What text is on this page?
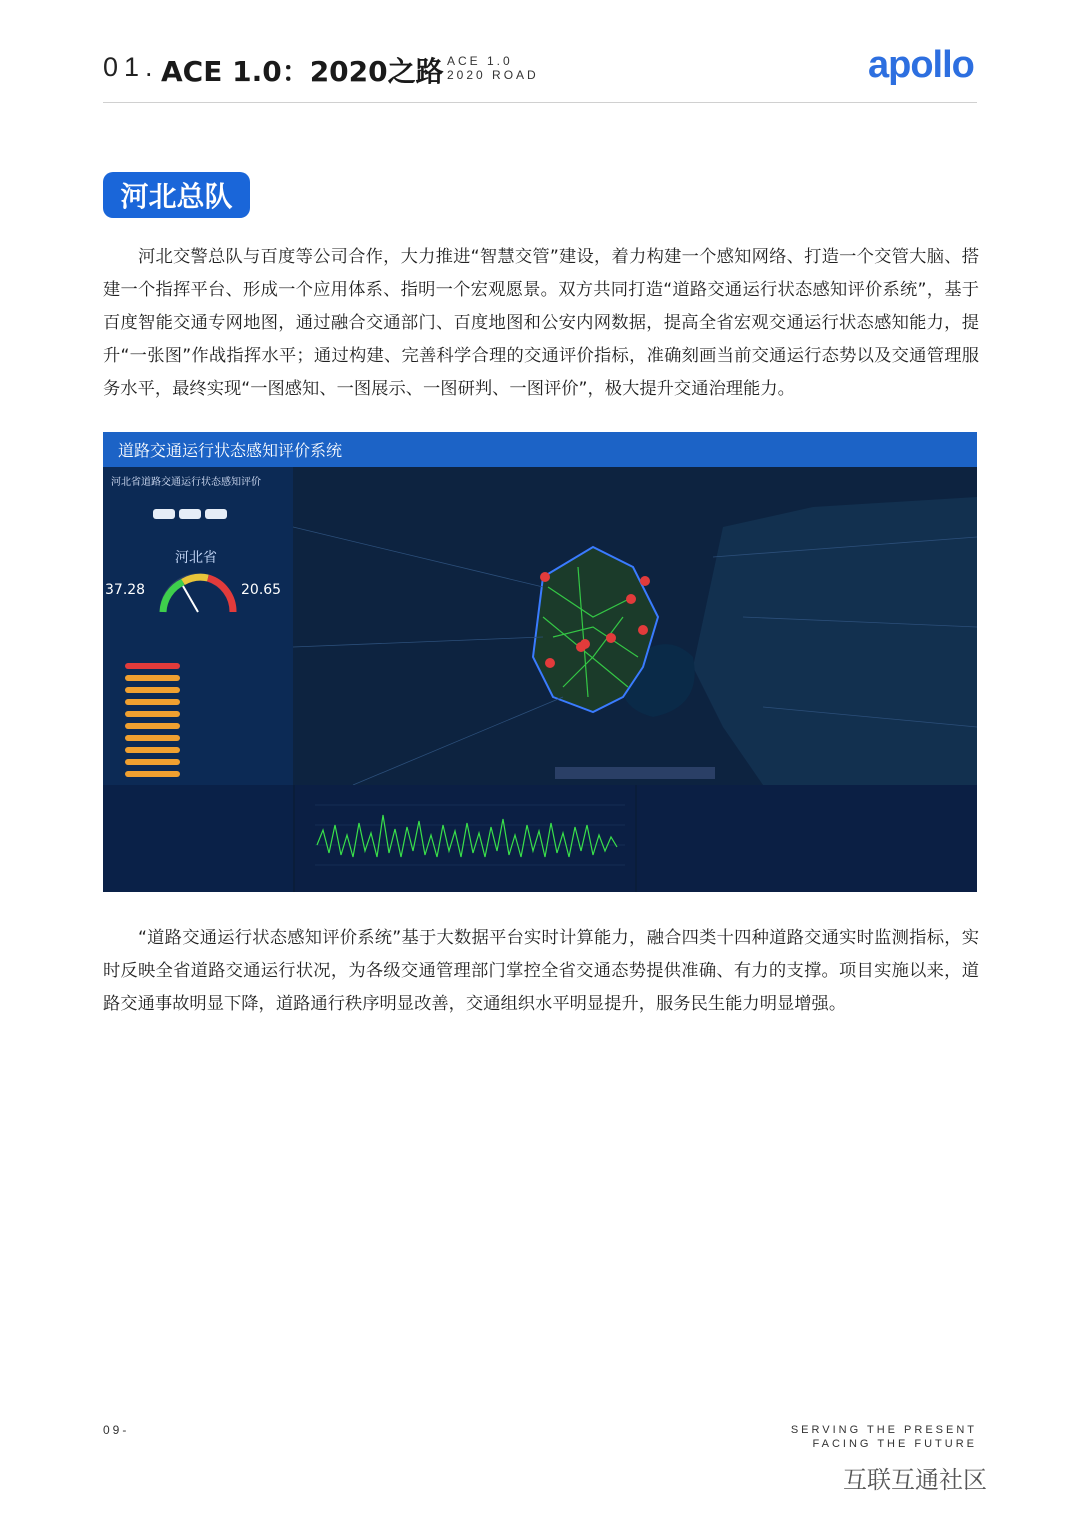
01. ACE 1.0：2020之路 ACE 1.0
2020 ROAD	apollo
河北总队
河北交警总队与百度等公司合作，大力推进“智慧交管”建设，着力构建一个感知网络、打造一个交管大脑、搭建一个指挥平台、形成一个应用体系、指明一个宏观愿景。双方共同打造“道路交通运行状态感知评价系统”，基于百度智能交通专网地图，通过融合交通部门、百度地图和公安内网数据，提高全省宏观交通运行状态感知能力，提升“一张图”作战指挥水平；通过构建、完善科学合理的交通评价指标，准确刻画当前交通运行态势以及交通管理服务水平，最终实现“一图感知、一图展示、一图研判、一图评价”，极大提升交通治理能力。
道路交通运行状态感知评价系统
河北省道路交通运行状态感知评价
河北省
37.28	20.65
“道路交通运行状态感知评价系统”基于大数据平台实时计算能力，融合四类十四种道路交通实时监测指标，实时反映全省道路交通运行状况，为各级交通管理部门掌控全省交通态势提供准确、有力的支撑。项目实施以来，道路交通事故明显下降，道路通行秩序明显改善，交通组织水平明显提升，服务民生能力明显增强。
09-	SERVING THE PRESENT
FACING THE FUTURE
互联互通社区
